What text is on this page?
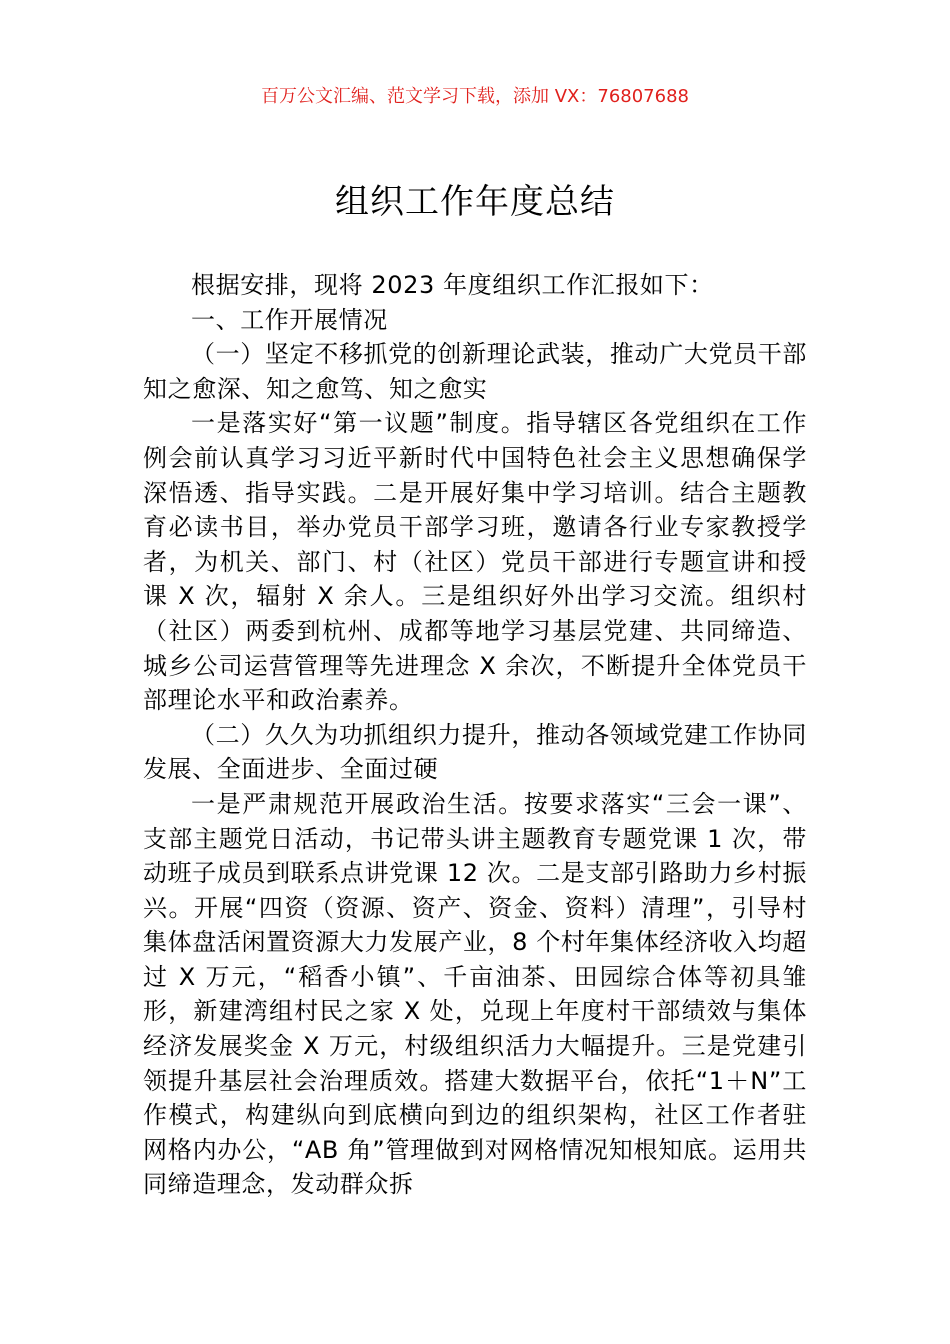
百万公文汇编、范文学习下载，添加 VX：76807688
组织工作年度总结

根据安排，现将 2023 年度组织工作汇报如下：

一、工作开展情况

（一）坚定不移抓党的创新理论武装，推动广大党员干部知之愈深、知之愈笃、知之愈实

一是落实好“第一议题”制度。指导辖区各党组织在工作例会前认真学习习近平新时代中国特色社会主义思想确保学深悟透、指导实践。二是开展好集中学习培训。结合主题教育必读书目，举办党员干部学习班，邀请各行业专家教授学者，为机关、部门、村（社区）党员干部进行专题宣讲和授课 X 次，辐射 X 余人。三是组织好外出学习交流。组织村（社区）两委到杭州、成都等地学习基层党建、共同缔造、城乡公司运营管理等先进理念 X 余次，不断提升全体党员干部理论水平和政治素养。

（二）久久为功抓组织力提升，推动各领域党建工作协同发展、全面进步、全面过硬

一是严肃规范开展政治生活。按要求落实“三会一课”、支部主题党日活动，书记带头讲主题教育专题党课 1 次，带动班子成员到联系点讲党课 12 次。二是支部引路助力乡村振兴。开展“四资（资源、资产、资金、资料）清理”，引导村集体盘活闲置资源大力发展产业，8 个村年集体经济收入均超过 X 万元，“稻香小镇”、千亩油茶、田园综合体等初具雏形，新建湾组村民之家 X 处，兑现上年度村干部绩效与集体经济发展奖金 X 万元，村级组织活力大幅提升。三是党建引领提升基层社会治理质效。搭建大数据平台，依托“1＋N”工作模式，构建纵向到底横向到边的组织架构，社区工作者驻网格内办公，“AB 角”管理做到对网格情况知根知底。运用共同缔造理念，发动群众拆
